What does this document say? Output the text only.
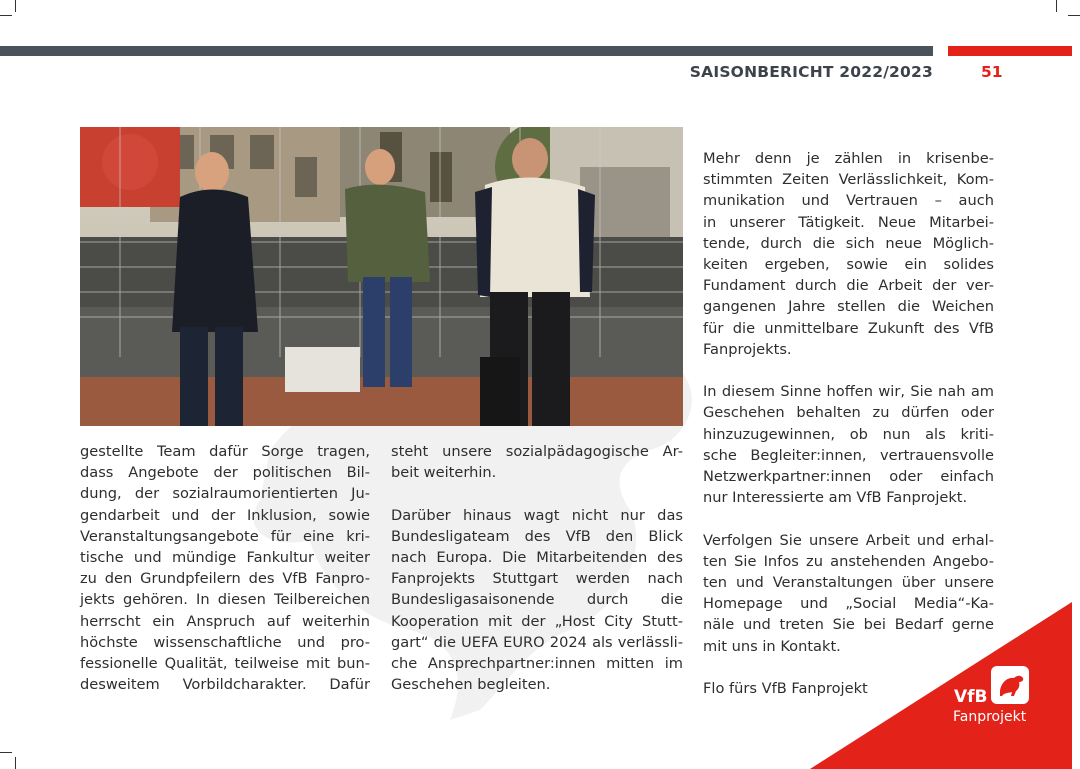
SAISONBERICHT 2022/2023	51

gestellte Team dafür Sorge tragen,
dass Angebote der politischen Bil-
dung, der sozialraumorientierten Ju-
gendarbeit und der Inklusion, sowie
Veranstaltungsangebote für eine kri-
tische und mündige Fankultur weiter
zu den Grundpfeilern des VfB Fanpro-
jekts gehören. In diesen Teilbereichen
herrscht ein Anspruch auf weiterhin
höchste wissenschaftliche und pro-
fessionelle Qualität, teilweise mit bun-
desweitem Vorbildcharakter. Dafür

steht unsere sozialpädagogische Ar-
beit weiterhin.

Darüber hinaus wagt nicht nur das
Bundesligateam des VfB den Blick
nach Europa. Die Mitarbeitenden des
Fanprojekts Stuttgart werden nach
Bundesligasaisonende durch die
Kooperation mit der „Host City Stutt-
gart“ die UEFA EURO 2024 als verlässli-
che Ansprechpartner:innen mitten im
Geschehen begleiten.

Mehr denn je zählen in krisenbe-
stimmten Zeiten Verlässlichkeit, Kom-
munikation und Vertrauen – auch
in unserer Tätigkeit. Neue Mitarbei-
tende, durch die sich neue Möglich-
keiten ergeben, sowie ein solides
Fundament durch die Arbeit der ver-
gangenen Jahre stellen die Weichen
für die unmittelbare Zukunft des VfB
Fanprojekts.

In diesem Sinne hoffen wir, Sie nah am
Geschehen behalten zu dürfen oder
hinzuzugewinnen, ob nun als kriti-
sche Begleiter:innen, vertrauensvolle
Netzwerkpartner:innen oder einfach
nur Interessierte am VfB Fanprojekt.

Verfolgen Sie unsere Arbeit und erhal-
ten Sie Infos zu anstehenden Angebo-
ten und Veranstaltungen über unsere
Homepage und „Social Media“-Ka-
näle und treten Sie bei Bedarf gerne
mit uns in Kontakt.

Flo fürs VfB Fanprojekt	VfB
Fanprojekt
